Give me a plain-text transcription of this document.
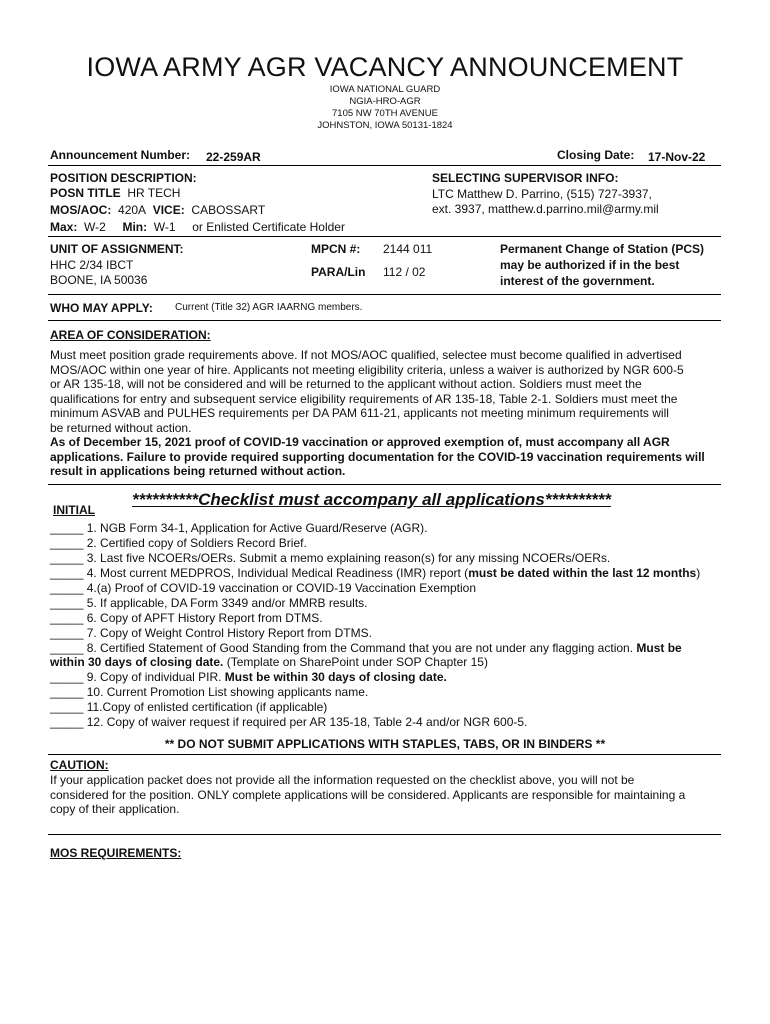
IOWA ARMY AGR VACANCY ANNOUNCEMENT
IOWA NATIONAL GUARD
NGIA-HRO-AGR
7105 NW 70TH AVENUE
JOHNSTON, IOWA 50131-1824
Announcement Number: 22-259AR	Closing Date: 17-Nov-22
POSITION DESCRIPTION:
POSN TITLE HR TECH
MOS/AOC: 420A VICE: CABOSSART
Max: W-2 Min: W-1 or Enlisted Certificate Holder
SELECTING SUPERVISOR INFO:
LTC Matthew D. Parrino, (515) 727-3937,
ext. 3937, matthew.d.parrino.mil@army.mil
UNIT OF ASSIGNMENT:
HHC 2/34 IBCT
BOONE, IA 50036
MPCN #: 2144 011
PARA/Lin 112 / 02
Permanent Change of Station (PCS)
may be authorized if in the best
interest of the government.
WHO MAY APPLY: Current (Title 32) AGR IAARNG members.
AREA OF CONSIDERATION:
Must meet position grade requirements above. If not MOS/AOC qualified, selectee must become qualified in advertised
MOS/AOC within one year of hire. Applicants not meeting eligibility criteria, unless a waiver is authorized by NGR 600-5
or AR 135-18, will not be considered and will be returned to the applicant without action. Soldiers must meet the
qualifications for entry and subsequent service eligibility requirements of AR 135-18, Table 2-1. Soldiers must meet the
minimum ASVAB and PULHES requirements per DA PAM 611-21, applicants not meeting minimum requirements will
be returned without action.
As of December 15, 2021 proof of COVID-19 vaccination or approved exemption of, must accompany all AGR
applications. Failure to provide required supporting documentation for the COVID-19 vaccination requirements will
result in applications being returned without action.
**********Checklist must accompany all applications**********
INITIAL
_____ 1. NGB Form 34-1, Application for Active Guard/Reserve (AGR).
_____ 2. Certified copy of Soldiers Record Brief.
_____ 3. Last five NCOERs/OERs. Submit a memo explaining reason(s) for any missing NCOERs/OERs.
_____ 4. Most current MEDPROS, Individual Medical Readiness (IMR) report (must be dated within the last 12 months)
_____ 4.(a) Proof of COVID-19 vaccination or COVID-19 Vaccination Exemption
_____ 5. If applicable, DA Form 3349 and/or MMRB results.
_____ 6. Copy of APFT History Report from DTMS.
_____ 7. Copy of Weight Control History Report from DTMS.
_____ 8. Certified Statement of Good Standing from the Command that you are not under any flagging action. Must be
within 30 days of closing date. (Template on SharePoint under SOP Chapter 15)
_____ 9. Copy of individual PIR. Must be within 30 days of closing date.
_____ 10. Current Promotion List showing applicants name.
_____ 11.Copy of enlisted certification (if applicable)
_____ 12. Copy of waiver request if required per AR 135-18, Table 2-4 and/or NGR 600-5.
** DO NOT SUBMIT APPLICATIONS WITH STAPLES, TABS, OR IN BINDERS **
CAUTION:
If your application packet does not provide all the information requested on the checklist above, you will not be
considered for the position. ONLY complete applications will be considered. Applicants are responsible for maintaining a
copy of their application.
MOS REQUIREMENTS:
